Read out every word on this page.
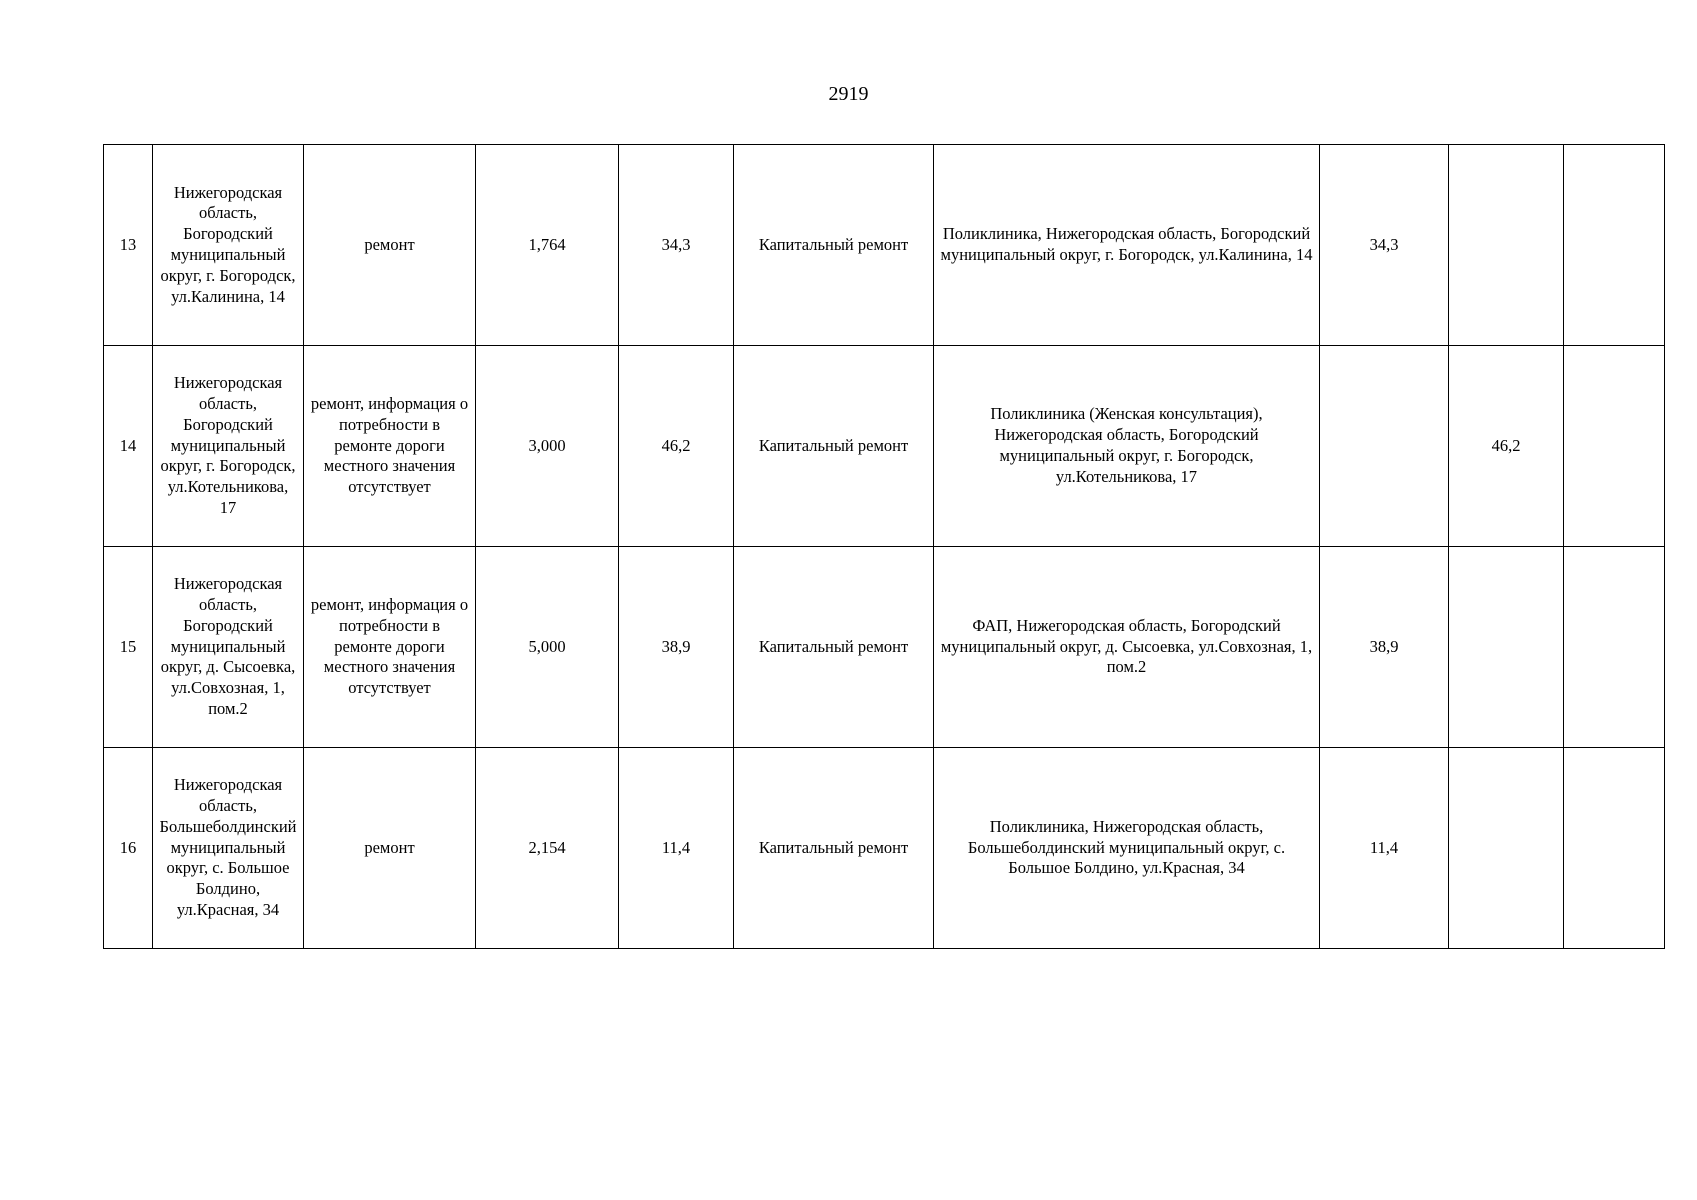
2919
13	Нижегородская область, Богородский муниципальный округ, г. Богородск, ул.Калинина, 14	ремонт	1,764	34,3	Капитальный ремонт	Поликлиника, Нижегородская область, Богородский муниципальный округ, г. Богородск, ул.Калинина, 14	34,3		
14	Нижегородская область, Богородский муниципальный округ, г. Богородск, ул.Котельникова, 17	ремонт, информация о потребности в ремонте дороги местного значения отсутствует	3,000	46,2	Капитальный ремонт	Поликлиника (Женская консультация), Нижегородская область, Богородский муниципальный округ, г. Богородск, ул.Котельникова, 17		46,2	
15	Нижегородская область, Богородский муниципальный округ, д. Сысоевка, ул.Совхозная, 1, пом.2	ремонт, информация о потребности в ремонте дороги местного значения отсутствует	5,000	38,9	Капитальный ремонт	ФАП, Нижегородская область, Богородский муниципальный округ, д. Сысоевка, ул.Совхозная, 1, пом.2	38,9		
16	Нижегородская область, Большеболдинский муниципальный округ, с. Большое Болдино, ул.Красная, 34	ремонт	2,154	11,4	Капитальный ремонт	Поликлиника, Нижегородская область, Большеболдинский муниципальный округ, с. Большое Болдино, ул.Красная, 34	11,4		
